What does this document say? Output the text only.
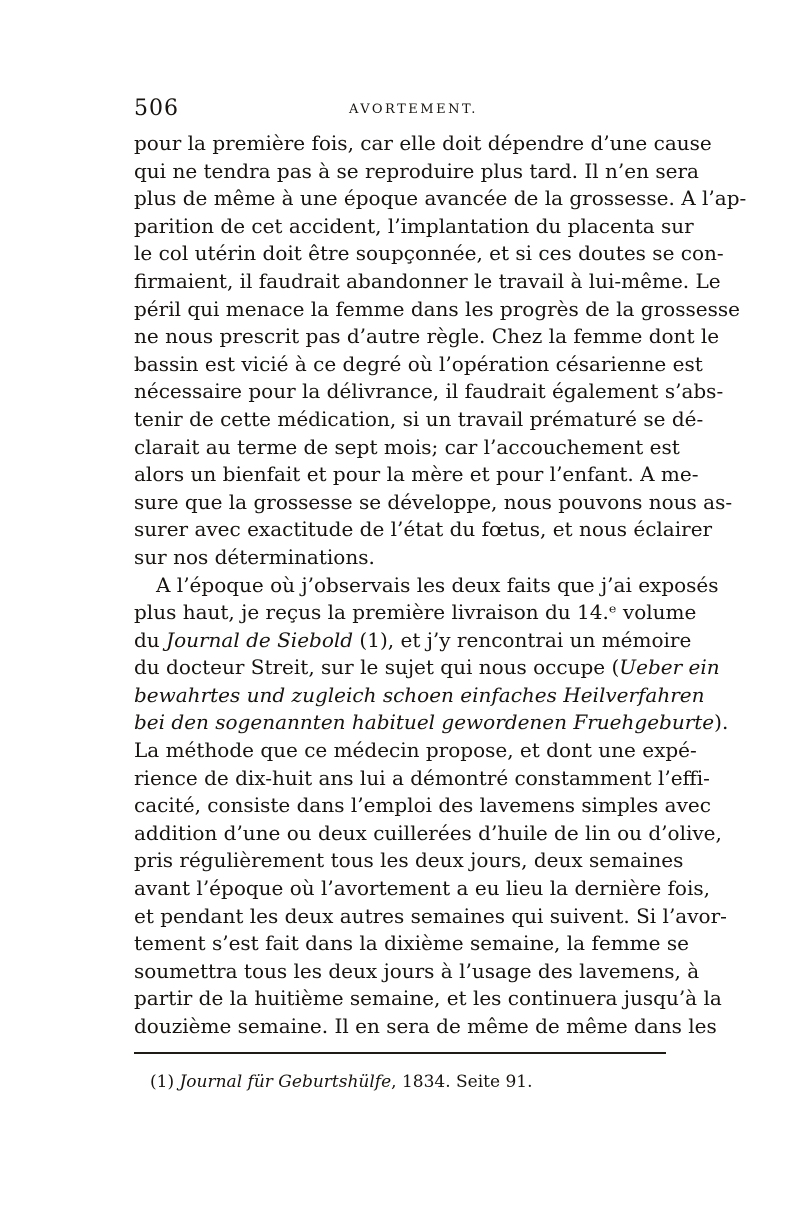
506	AVORTEMENT.
pour la première fois, car elle doit dépendre d’une cause
qui ne tendra pas à se reproduire plus tard. Il n’en sera
plus de même à une époque avancée de la grossesse. A l’ap-
parition de cet accident, l’implantation du placenta sur
le col utérin doit être soupçonnée, et si ces doutes se con-
firmaient, il faudrait abandonner le travail à lui-même. Le
péril qui menace la femme dans les progrès de la grossesse
ne nous prescrit pas d’autre règle. Chez la femme dont le
bassin est vicié à ce degré où l’opération césarienne est
nécessaire pour la délivrance, il faudrait également s’abs-
tenir de cette médication, si un travail prématuré se dé-
clarait au terme de sept mois; car l’accouchement est
alors un bienfait et pour la mère et pour l’enfant. A me-
sure que la grossesse se développe, nous pouvons nous as-
surer avec exactitude de l’état du fœtus, et nous éclairer
sur nos déterminations.
A l’époque où j’observais les deux faits que j’ai exposés
plus haut, je reçus la première livraison du 14.ᵉ volume
du Journal de Siebold (1), et j’y rencontrai un mémoire
du docteur Streit, sur le sujet qui nous occupe (Ueber ein
bewahrtes und zugleich schoen einfaches Heilverfahren
bei den sogenannten habituel gewordenen Fruehgeburte).
La méthode que ce médecin propose, et dont une expé-
rience de dix-huit ans lui a démontré constamment l’effi-
cacité, consiste dans l’emploi des lavemens simples avec
addition d’une ou deux cuillerées d’huile de lin ou d’olive,
pris régulièrement tous les deux jours, deux semaines
avant l’époque où l’avortement a eu lieu la dernière fois,
et pendant les deux autres semaines qui suivent. Si l’avor-
tement s’est fait dans la dixième semaine, la femme se
soumettra tous les deux jours à l’usage des lavemens, à
partir de la huitième semaine, et les continuera jusqu’à la
douzième semaine. Il en sera de même de même dans les
(1) Journal für Geburtshülfe, 1834. Seite 91.
